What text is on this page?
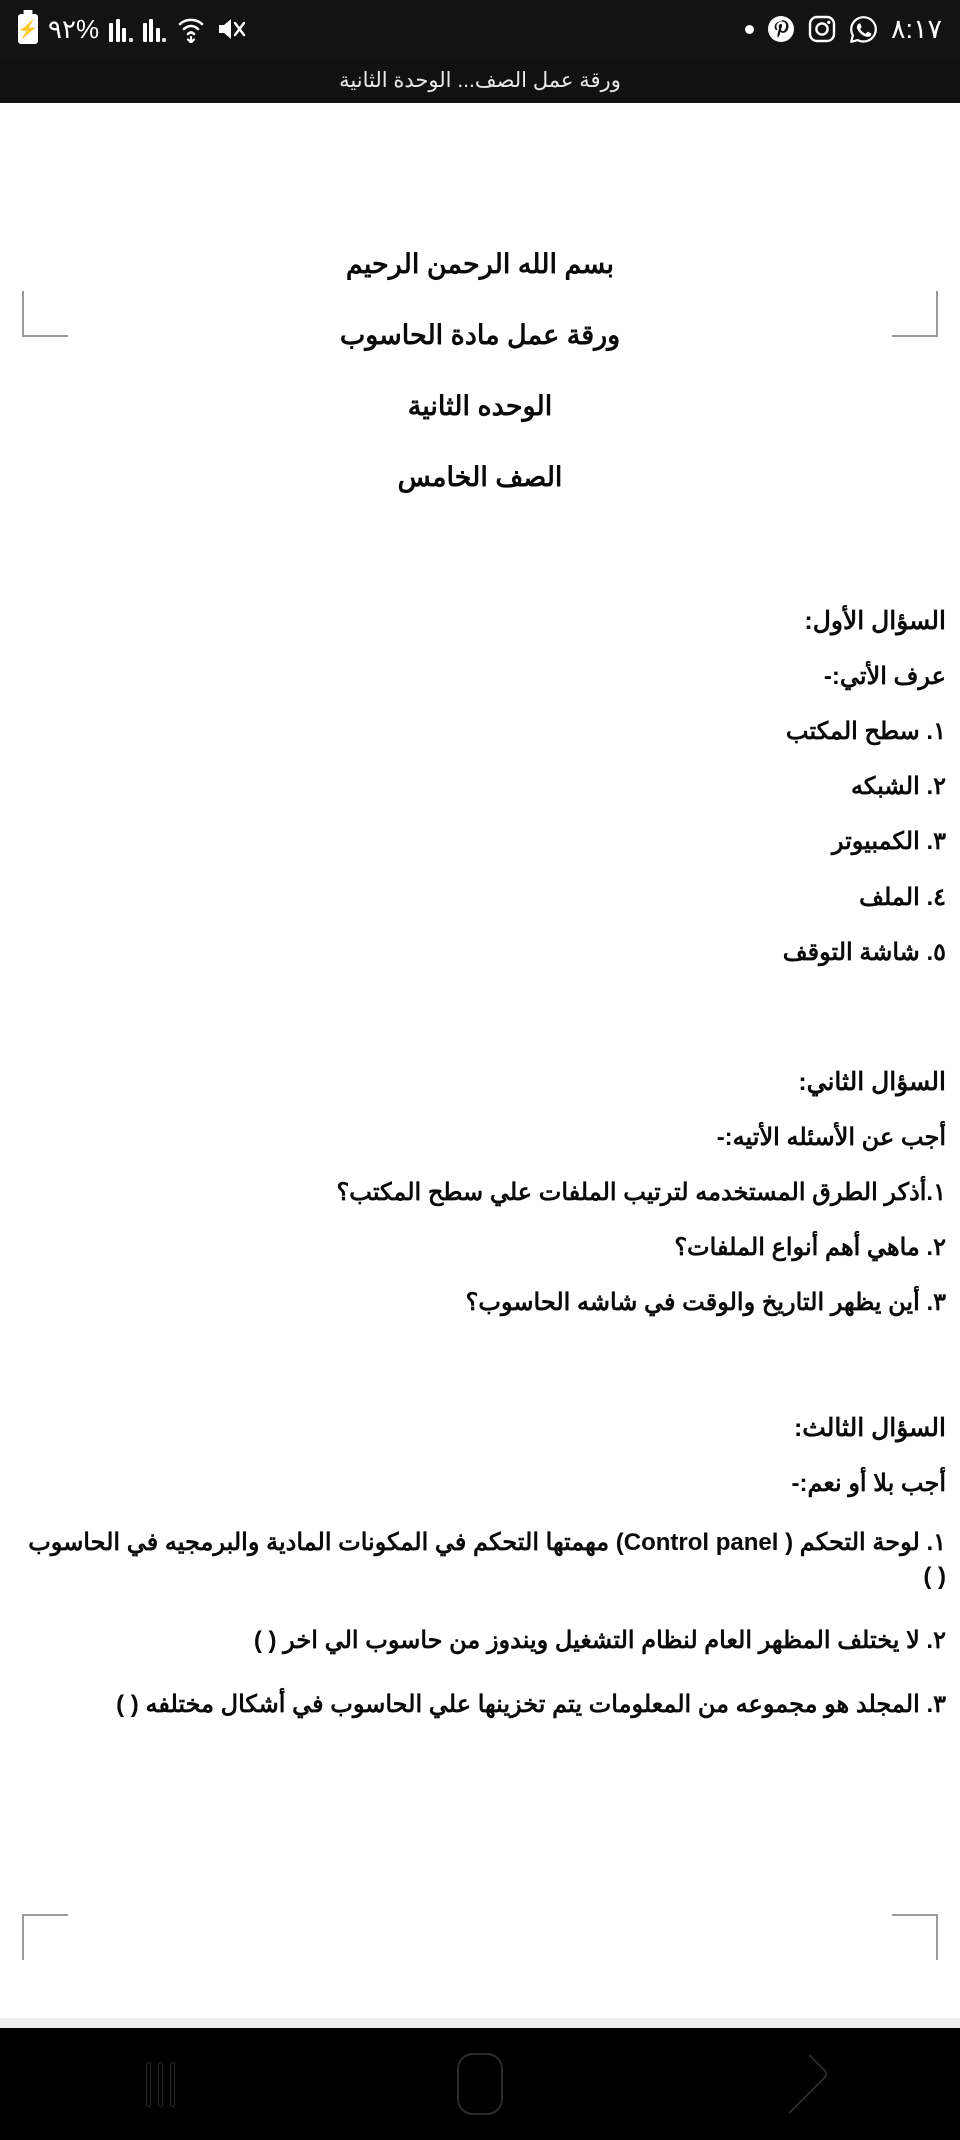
⚡ ٩٢%	٨:١٧
ورقة عمل الصف... الوحدة الثانية
بسم الله الرحمن الرحيم
ورقة عمل مادة الحاسوب
الوحده الثانية
الصف الخامس
السؤال الأول:
عرف الأتي:-
١. سطح المكتب
٢. الشبكه
٣. الكمبيوتر
٤. الملف
٥. شاشة التوقف
السؤال الثاني:
أجب عن الأسئله الأتيه:-
١.أذكر الطرق المستخدمه لترتيب الملفات علي سطح المكتب؟
٢. ماهي أهم أنواع الملفات؟
٣. أين يظهر التاريخ والوقت في شاشه الحاسوب؟
السؤال الثالث:
أجب بلا أو نعم:-
١. لوحة التحكم ( Control panel) مهمتها التحكم في المكونات المادية والبرمجيه في الحاسوب ( )
٢. لا يختلف المظهر العام لنظام التشغيل ويندوز من حاسوب الي اخر ( )
٣. المجلد هو مجموعه من المعلومات يتم تخزينها علي الحاسوب في أشكال مختلفه ( )
